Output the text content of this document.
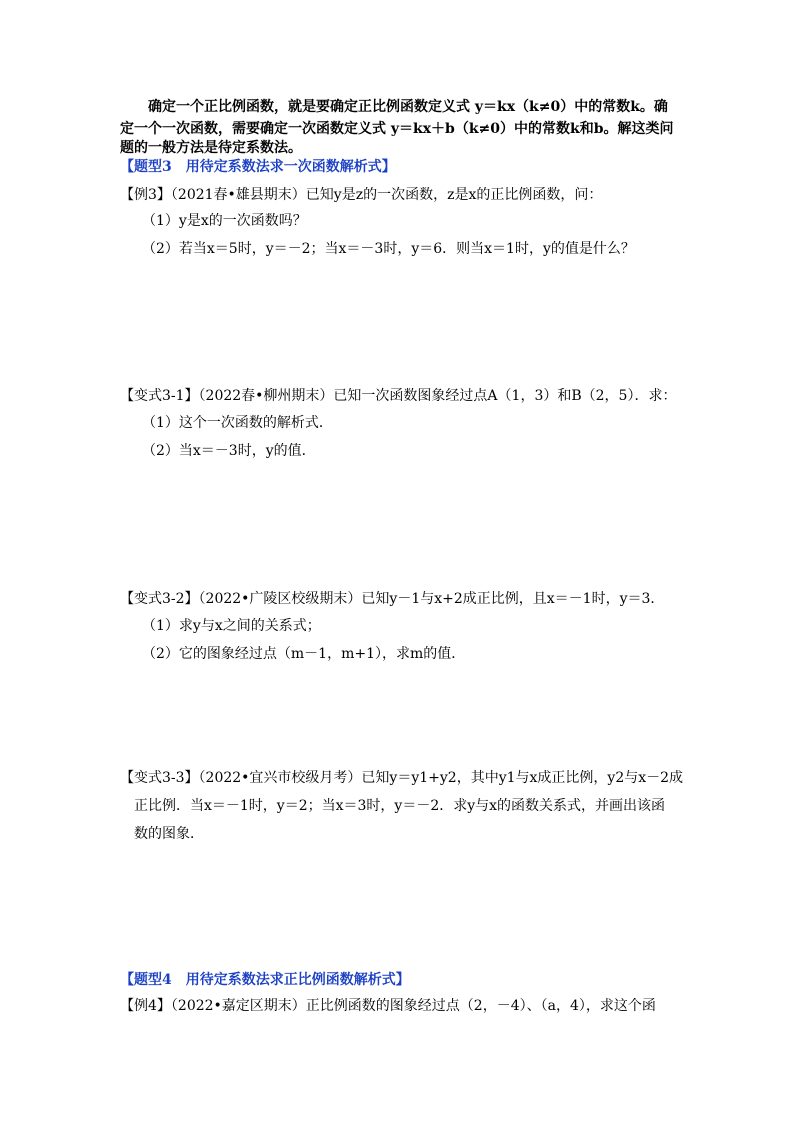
确定一个正比例函数，就是要确定正比例函数定义式 y＝kx（k≠0）中的常数k。确
定一个一次函数，需要确定一次函数定义式 y＝kx＋b（k≠0）中的常数k和b。解这类问
题的一般方法是待定系数法。
【题型3　用待定系数法求一次函数解析式】
【例3】（2021春•雄县期末）已知y是z的一次函数，z是x的正比例函数，问：
（1）y是x的一次函数吗？
（2）若当x＝5时，y＝－2；当x＝－3时，y＝6．则当x＝1时，y的值是什么？
【变式3-1】（2022春•柳州期末）已知一次函数图象经过点A（1，3）和B（2，5）．求：
（1）这个一次函数的解析式．
（2）当x＝－3时，y的值．
【变式3-2】（2022•广陵区校级期末）已知y－1与x+2成正比例，且x＝－1时，y＝3．
（1）求y与x之间的关系式；
（2）它的图象经过点（m－1，m+1），求m的值．
【变式3-3】（2022•宜兴市校级月考）已知y＝y1+y2，其中y1与x成正比例，y2与x－2成
正比例．当x＝－1时，y＝2；当x＝3时，y＝－2．求y与x的函数关系式，并画出该函
数的图象．
【题型4　用待定系数法求正比例函数解析式】
【例4】（2022•嘉定区期末）正比例函数的图象经过点（2，－4）、（a，4），求这个函
